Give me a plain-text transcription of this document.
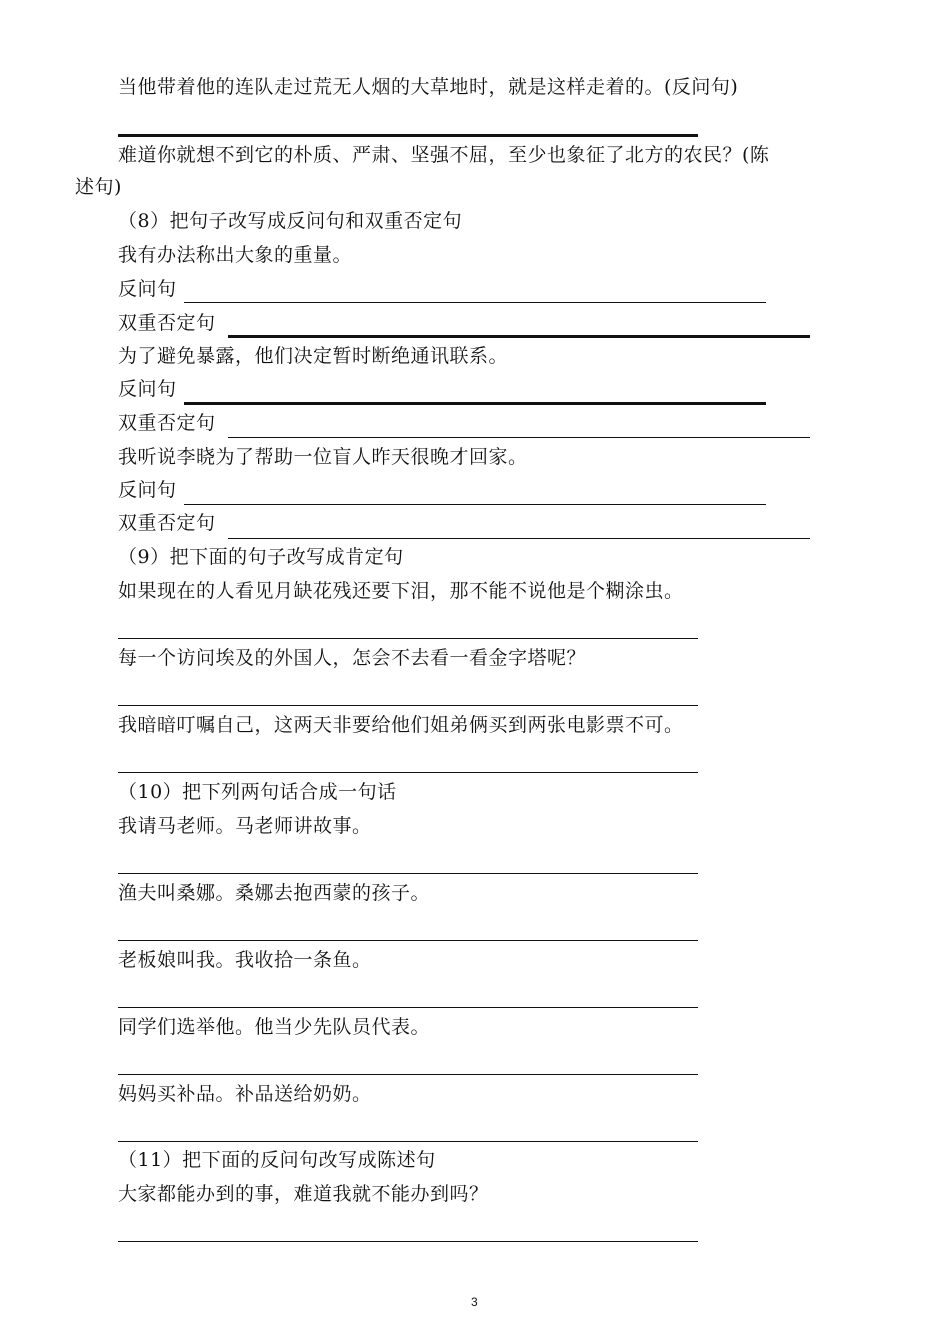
当他带着他的连队走过荒无人烟的大草地时，就是这样走着的。(反问句)
难道你就想不到它的朴质、严肃、坚强不屈，至少也象征了北方的农民？(陈
述句)
（8）把句子改写成反问句和双重否定句
我有办法称出大象的重量。
反问句
双重否定句
为了避免暴露，他们决定暂时断绝通讯联系。
反问句
双重否定句
我听说李晓为了帮助一位盲人昨天很晚才回家。
反问句
双重否定句
（9）把下面的句子改写成肯定句
如果现在的人看见月缺花残还要下泪，那不能不说他是个糊涂虫。
每一个访问埃及的外国人，怎会不去看一看金字塔呢？
我暗暗叮嘱自己，这两天非要给他们姐弟俩买到两张电影票不可。
（10）把下列两句话合成一句话
我请马老师。马老师讲故事。
渔夫叫桑娜。桑娜去抱西蒙的孩子。
老板娘叫我。我收拾一条鱼。
同学们选举他。他当少先队员代表。
妈妈买补品。补品送给奶奶。
（11）把下面的反问句改写成陈述句
大家都能办到的事，难道我就不能办到吗？
3
